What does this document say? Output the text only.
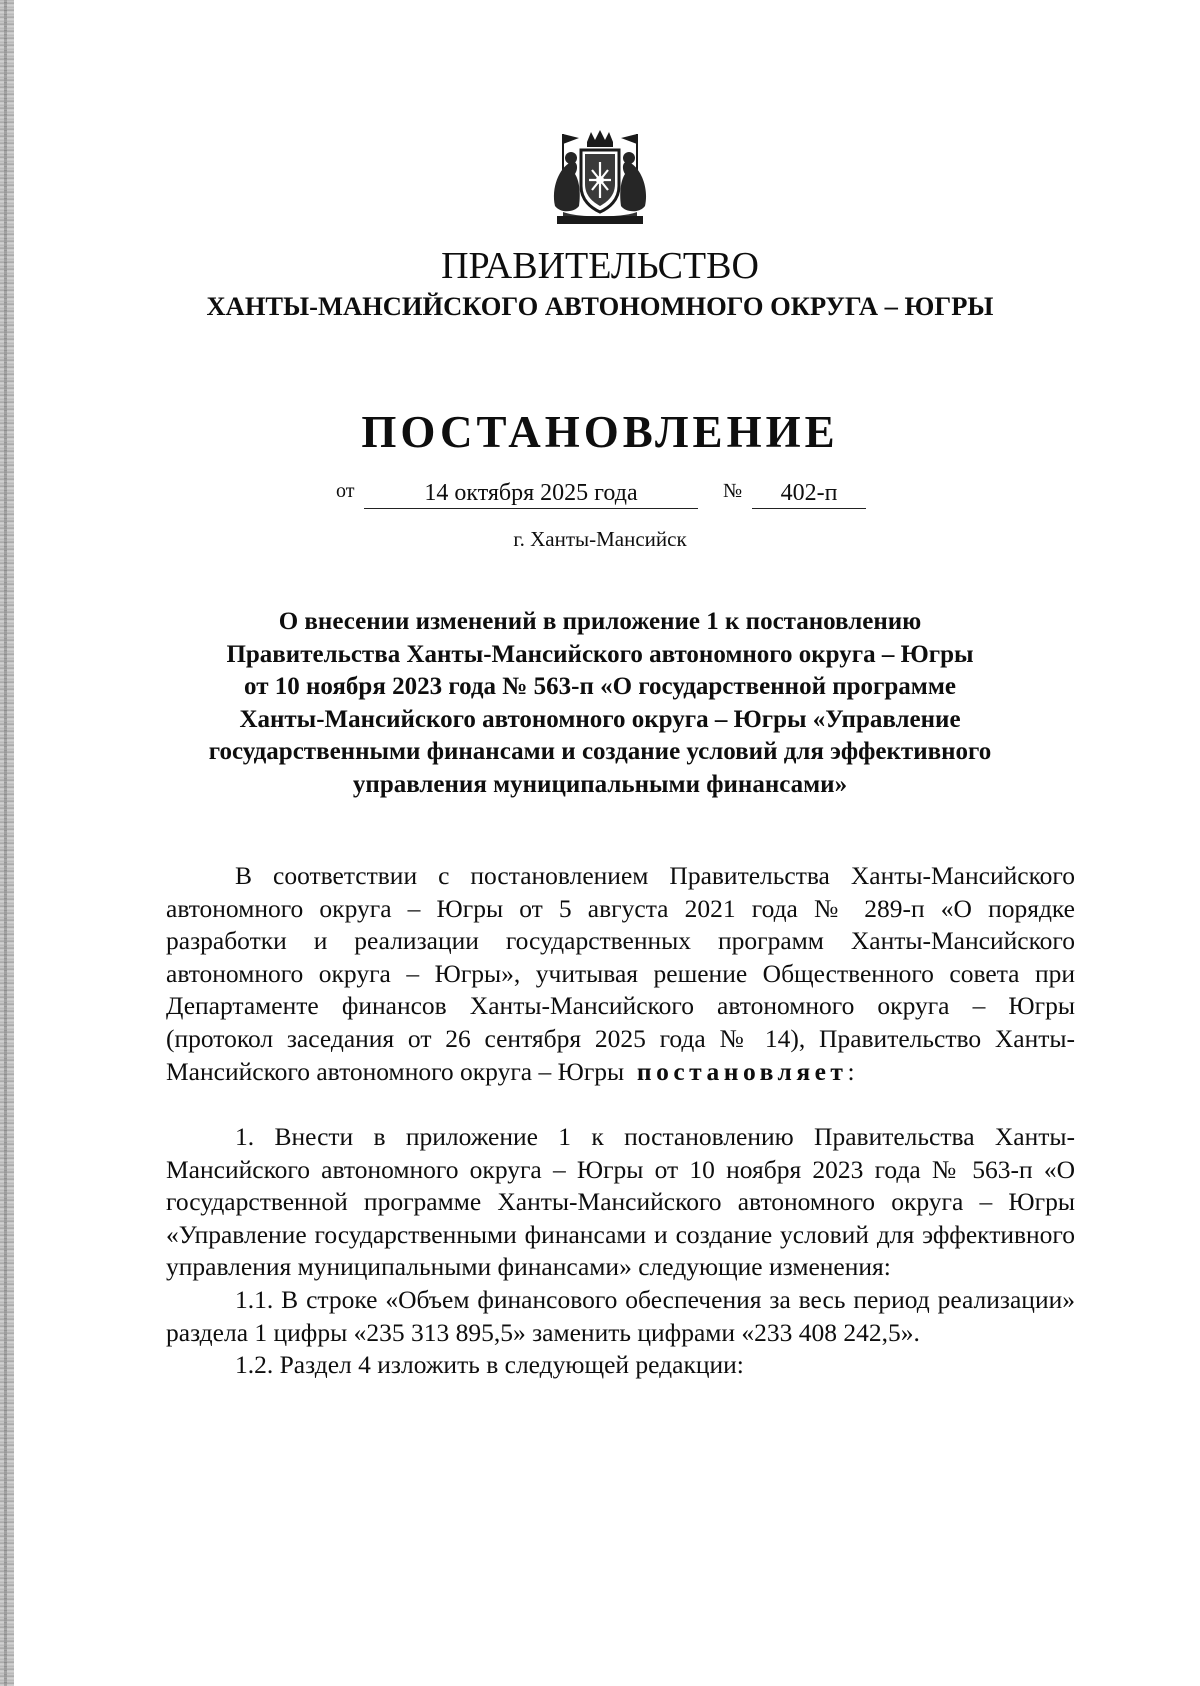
ПРАВИТЕЛЬСТВО
ХАНТЫ-МАНСИЙСКОГО АВТОНОМНОГО ОКРУГА – ЮГРЫ
ПОСТАНОВЛЕНИЕ
от	14 октября 2025 года	№	402-п
г. Ханты-Мансийск
О внесении изменений в приложение 1 к постановлению
Правительства Ханты-Мансийского автономного округа – Югры
от 10 ноября 2023 года № 563-п «О государственной программе
Ханты-Мансийского автономного округа – Югры «Управление
государственными финансами и создание условий для эффективного
управления муниципальными финансами»

В соответствии с постановлением Правительства Ханты-Мансийского автономного округа – Югры от 5 августа 2021 года № 289-п «О порядке разработки и реализации государственных программ Ханты-Мансийского автономного округа – Югры», учитывая решение Общественного совета при Департаменте финансов Ханты-Мансийского автономного округа – Югры (протокол заседания от 26 сентября 2025 года № 14), Правительство Ханты-Мансийского автономного округа – Югры постановляет:

1. Внести в приложение 1 к постановлению Правительства Ханты-Мансийского автономного округа – Югры от 10 ноября 2023 года № 563-п «О государственной программе Ханты-Мансийского автономного округа – Югры «Управление государственными финансами и создание условий для эффективного управления муниципальными финансами» следующие изменения:

1.1. В строке «Объем финансового обеспечения за весь период реализации» раздела 1 цифры «235 313 895,5» заменить цифрами «233 408 242,5».

1.2. Раздел 4 изложить в следующей редакции:
